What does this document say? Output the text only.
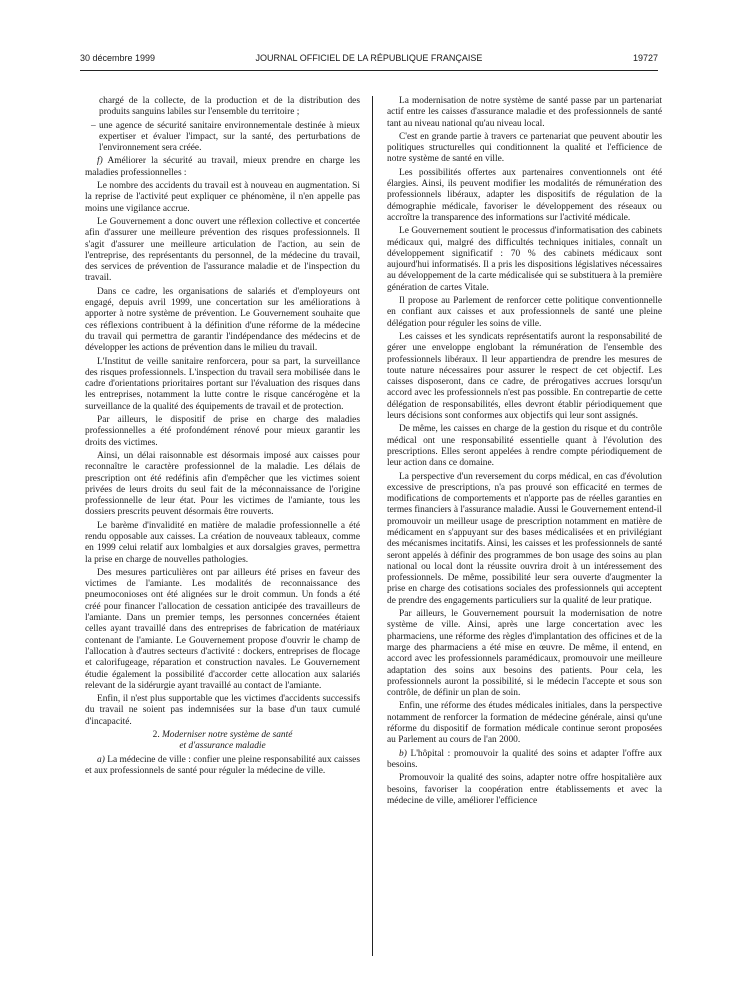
30 décembre 1999	JOURNAL OFFICIEL DE LA RÉPUBLIQUE FRANÇAISE	19727

chargé de la collecte, de la production et de la distribution des produits sanguins labiles sur l'ensemble du territoire ;

– une agence de sécurité sanitaire environnementale destinée à mieux expertiser et évaluer l'impact, sur la santé, des perturbations de l'environnement sera créée.

f) Améliorer la sécurité au travail, mieux prendre en charge les maladies professionnelles :

Le nombre des accidents du travail est à nouveau en augmentation. Si la reprise de l'activité peut expliquer ce phénomène, il n'en appelle pas moins une vigilance accrue.

Le Gouvernement a donc ouvert une réflexion collective et concertée afin d'assurer une meilleure prévention des risques professionnels. Il s'agit d'assurer une meilleure articulation de l'action, au sein de l'entreprise, des représentants du personnel, de la médecine du travail, des services de prévention de l'assurance maladie et de l'inspection du travail.

Dans ce cadre, les organisations de salariés et d'employeurs ont engagé, depuis avril 1999, une concertation sur les améliorations à apporter à notre système de prévention. Le Gouvernement souhaite que ces réflexions contribuent à la définition d'une réforme de la médecine du travail qui permettra de garantir l'indépendance des médecins et de développer les actions de prévention dans le milieu du travail.

L'Institut de veille sanitaire renforcera, pour sa part, la surveillance des risques professionnels. L'inspection du travail sera mobilisée dans le cadre d'orientations prioritaires portant sur l'évaluation des risques dans les entreprises, notamment la lutte contre le risque cancérogène et la surveillance de la qualité des équipements de travail et de protection.

Par ailleurs, le dispositif de prise en charge des maladies professionnelles a été profondément rénové pour mieux garantir les droits des victimes.

Ainsi, un délai raisonnable est désormais imposé aux caisses pour reconnaître le caractère professionnel de la maladie. Les délais de prescription ont été redéfinis afin d'empêcher que les victimes soient privées de leurs droits du seul fait de la méconnaissance de l'origine professionnelle de leur état. Pour les victimes de l'amiante, tous les dossiers prescrits peuvent désormais être rouverts.

Le barème d'invalidité en matière de maladie professionnelle a été rendu opposable aux caisses. La création de nouveaux tableaux, comme en 1999 celui relatif aux lombalgies et aux dorsalgies graves, permettra la prise en charge de nouvelles pathologies.

Des mesures particulières ont par ailleurs été prises en faveur des victimes de l'amiante. Les modalités de reconnaissance des pneumoconioses ont été alignées sur le droit commun. Un fonds a été créé pour financer l'allocation de cessation anticipée des travailleurs de l'amiante. Dans un premier temps, les personnes concernées étaient celles ayant travaillé dans des entreprises de fabrication de matériaux contenant de l'amiante. Le Gouvernement propose d'ouvrir le champ de l'allocation à d'autres secteurs d'activité : dockers, entreprises de flocage et calorifugeage, réparation et construction navales. Le Gouvernement étudie également la possibilité d'accorder cette allocation aux salariés relevant de la sidérurgie ayant travaillé au contact de l'amiante.

Enfin, il n'est plus supportable que les victimes d'accidents successifs du travail ne soient pas indemnisées sur la base d'un taux cumulé d'incapacité.

2. Moderniser notre système de santé
et d'assurance maladie

a) La médecine de ville : confier une pleine responsabilité aux caisses et aux professionnels de santé pour réguler la médecine de ville.

La modernisation de notre système de santé passe par un partenariat actif entre les caisses d'assurance maladie et des professionnels de santé tant au niveau national qu'au niveau local.

C'est en grande partie à travers ce partenariat que peuvent aboutir les politiques structurelles qui conditionnent la qualité et l'efficience de notre système de santé en ville.

Les possibilités offertes aux partenaires conventionnels ont été élargies. Ainsi, ils peuvent modifier les modalités de rémunération des professionnels libéraux, adapter les dispositifs de régulation de la démographie médicale, favoriser le développement des réseaux ou accroître la transparence des informations sur l'activité médicale.

Le Gouvernement soutient le processus d'informatisation des cabinets médicaux qui, malgré des difficultés techniques initiales, connaît un développement significatif : 70 % des cabinets médicaux sont aujourd'hui informatisés. Il a pris les dispositions législatives nécessaires au développement de la carte médicalisée qui se substituera à la première génération de cartes Vitale.

Il propose au Parlement de renforcer cette politique conventionnelle en confiant aux caisses et aux professionnels de santé une pleine délégation pour réguler les soins de ville.

Les caisses et les syndicats représentatifs auront la responsabilité de gérer une enveloppe englobant la rémunération de l'ensemble des professionnels libéraux. Il leur appartiendra de prendre les mesures de toute nature nécessaires pour assurer le respect de cet objectif. Les caisses disposeront, dans ce cadre, de prérogatives accrues lorsqu'un accord avec les professionnels n'est pas possible. En contrepartie de cette délégation de responsabilités, elles devront établir périodiquement que leurs décisions sont conformes aux objectifs qui leur sont assignés.

De même, les caisses en charge de la gestion du risque et du contrôle médical ont une responsabilité essentielle quant à l'évolution des prescriptions. Elles seront appelées à rendre compte périodiquement de leur action dans ce domaine.

La perspective d'un reversement du corps médical, en cas d'évolution excessive de prescriptions, n'a pas prouvé son efficacité en termes de modifications de comportements et n'apporte pas de réelles garanties en termes financiers à l'assurance maladie. Aussi le Gouvernement entend-il promouvoir un meilleur usage de prescription notamment en matière de médicament en s'appuyant sur des bases médicalisées et en privilégiant des mécanismes incitatifs. Ainsi, les caisses et les professionnels de santé seront appelés à définir des programmes de bon usage des soins au plan national ou local dont la réussite ouvrira droit à un intéressement des professionnels. De même, possibilité leur sera ouverte d'augmenter la prise en charge des cotisations sociales des professionnels qui acceptent de prendre des engagements particuliers sur la qualité de leur pratique.

Par ailleurs, le Gouvernement poursuit la modernisation de notre système de ville. Ainsi, après une large concertation avec les pharmaciens, une réforme des règles d'implantation des officines et de la marge des pharmaciens a été mise en œuvre. De même, il entend, en accord avec les professionnels paramédicaux, promouvoir une meilleure adaptation des soins aux besoins des patients. Pour cela, les professionnels auront la possibilité, si le médecin l'accepte et sous son contrôle, de définir un plan de soin.

Enfin, une réforme des études médicales initiales, dans la perspective notamment de renforcer la formation de médecine générale, ainsi qu'une réforme du dispositif de formation médicale continue seront proposées au Parlement au cours de l'an 2000.

b) L'hôpital : promouvoir la qualité des soins et adapter l'offre aux besoins.

Promouvoir la qualité des soins, adapter notre offre hospitalière aux besoins, favoriser la coopération entre établissements et avec la médecine de ville, améliorer l'efficience
